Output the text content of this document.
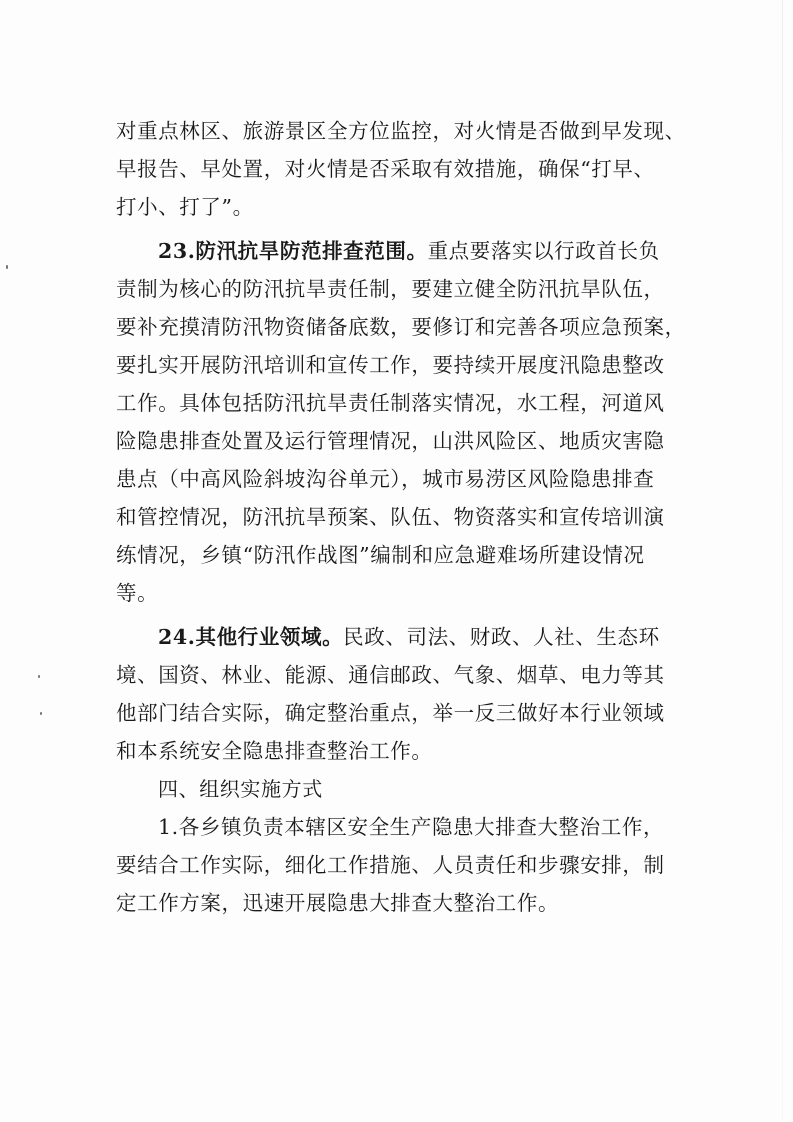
对重点林区、旅游景区全方位监控，对火情是否做到早发现、
早报告、早处置，对火情是否采取有效措施，确保“打早、
打小、打了”。
23.防汛抗旱防范排查范围。重点要落实以行政首长负
责制为核心的防汛抗旱责任制，要建立健全防汛抗旱队伍，
要补充摸清防汛物资储备底数，要修订和完善各项应急预案，
要扎实开展防汛培训和宣传工作，要持续开展度汛隐患整改
工作。具体包括防汛抗旱责任制落实情况，水工程，河道风
险隐患排查处置及运行管理情况，山洪风险区、地质灾害隐
患点（中高风险斜坡沟谷单元），城市易涝区风险隐患排查
和管控情况，防汛抗旱预案、队伍、物资落实和宣传培训演
练情况，乡镇“防汛作战图”编制和应急避难场所建设情况
等。
24.其他行业领域。民政、司法、财政、人社、生态环
境、国资、林业、能源、通信邮政、气象、烟草、电力等其
他部门结合实际，确定整治重点，举一反三做好本行业领域
和本系统安全隐患排查整治工作。
四、组织实施方式
1.各乡镇负责本辖区安全生产隐患大排查大整治工作，
要结合工作实际，细化工作措施、人员责任和步骤安排，制
定工作方案，迅速开展隐患大排查大整治工作。
